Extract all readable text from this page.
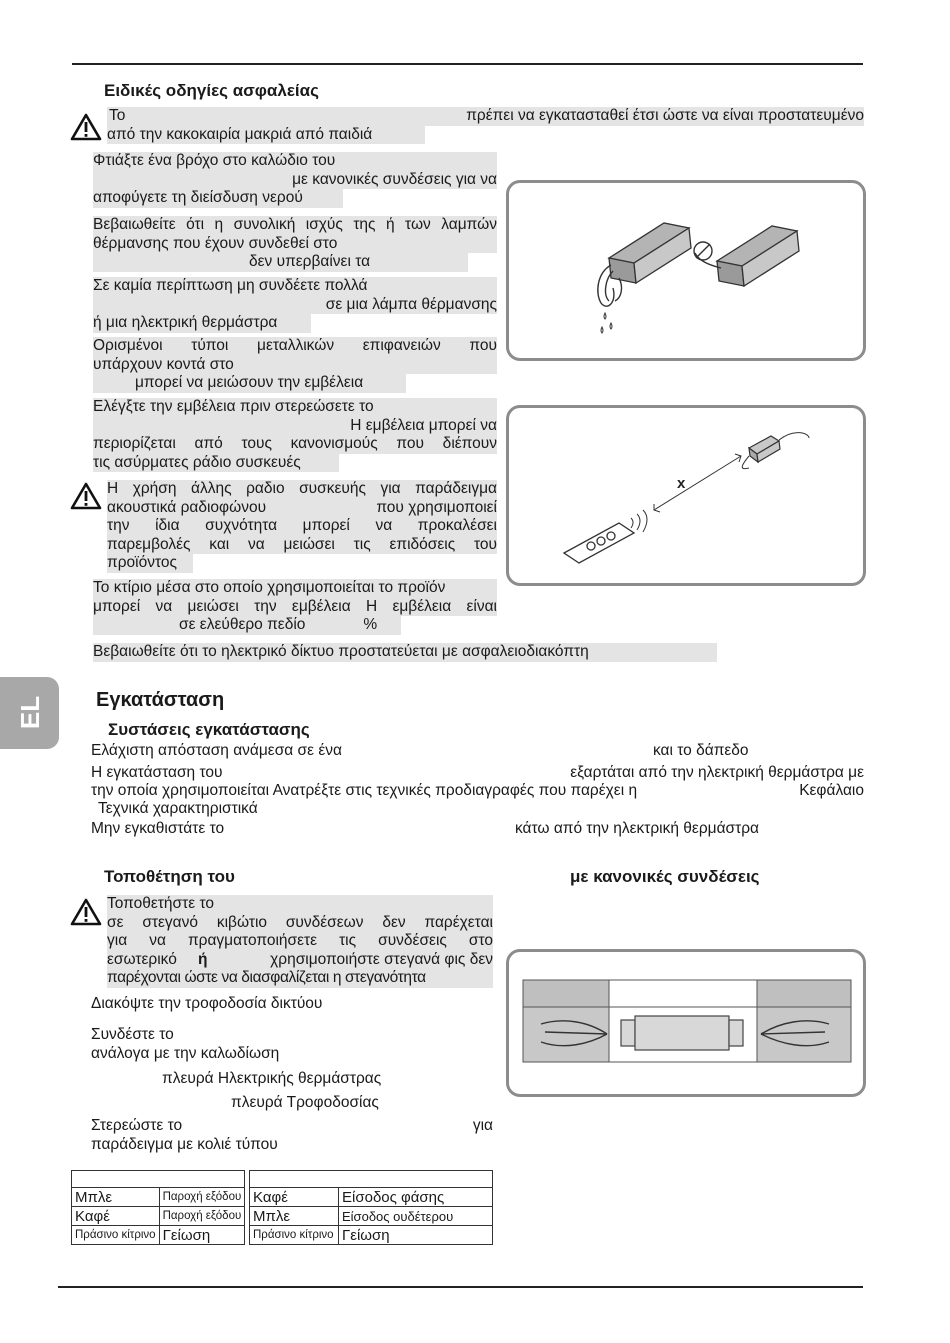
EL
Ειδικές οδηγίες ασφαλείας
Το	πρέπει να εγκατασταθεί έτσι ώστε να είναι προστατευμένο
από την κακοκαιρία μακριά από παιδιά
Φτιάξτε ένα βρόχο στο καλώδιο του
με κανονικές συνδέσεις για να
αποφύγετε τη διείσδυση νερού
Βεβαιωθείτε ότι η συνολική ισχύς της ή των λαμπών
θέρμανσης που έχουν συνδεθεί στο
δεν υπερβαίνει τα
Σε καμία περίπτωση μη συνδέετε πολλά
σε μια λάμπα θέρμανσης
ή μια ηλεκτρική θερμάστρα
Ορισμένοι τύποι μεταλλικών επιφανειών που
υπάρχουν κοντά στο
μπορεί να μειώσουν την εμβέλεια
Ελέγξτε την εμβέλεια πριν στερεώσετε το
Η εμβέλεια μπορεί να
περιορίζεται από τους κανονισμούς που διέπουν
τις ασύρματες ράδιο συσκευές
Η χρήση άλλης ραδιο συσκευής για παράδειγμα
ακουστικά ραδιοφώνου	που χρησιμοποιεί
την ίδια συχνότητα μπορεί να προκαλέσει
παρεμβολές και να μειώσει τις επιδόσεις του
προϊόντος
Το κτίριο μέσα στο οποίο χρησιμοποιείται το προϊόν
μπορεί να μειώσει την εμβέλεια Η εμβέλεια είναι
σε ελεύθερο πεδίο	%
Βεβαιωθείτε ότι το ηλεκτρικό δίκτυο προστατεύεται με ασφαλειοδιακόπτη
x
Εγκατάσταση
Συστάσεις εγκατάστασης
Ελάχιστη απόσταση ανάμεσα σε ένα	και το δάπεδο
Η εγκατάσταση του	εξαρτάται από την ηλεκτρική θερμάστρα με
την οποία χρησιμοποιείται Ανατρέξτε στις τεχνικές προδιαγραφές που παρέχει η	Κεφάλαιο
Τεχνικά χαρακτηριστικά
Μην εγκαθιστάτε το	κάτω από την ηλεκτρική θερμάστρα
Τοποθέτηση του	με κανονικές συνδέσεις
Τοποθετήστε το
σε στεγανό κιβώτιο συνδέσεων δεν παρέχεται
για να πραγματοποιήσετε τις συνδέσεις στο
εσωτερικό ή	χρησιμοποιήστε στεγανά φις δεν
παρέχονται ώστε να διασφαλίζεται η στεγανότητα
Διακόψτε την τροφοδοσία δικτύου
Συνδέστε το
ανάλογα με την καλωδίωση
πλευρά Ηλεκτρικής θερμάστρας
πλευρά Τροφοδοσίας
Στερεώστε το	για
παράδειγμα με κολιέ τύπου

Μπλε	Παροχή εξόδου
Καφέ	Παροχή εξόδου
Πράσινο κίτρινο	Γείωση

Καφέ	Είσοδος φάσης
Μπλε	Είσοδος ουδέτερου
Πράσινο κίτρινο	Γείωση
